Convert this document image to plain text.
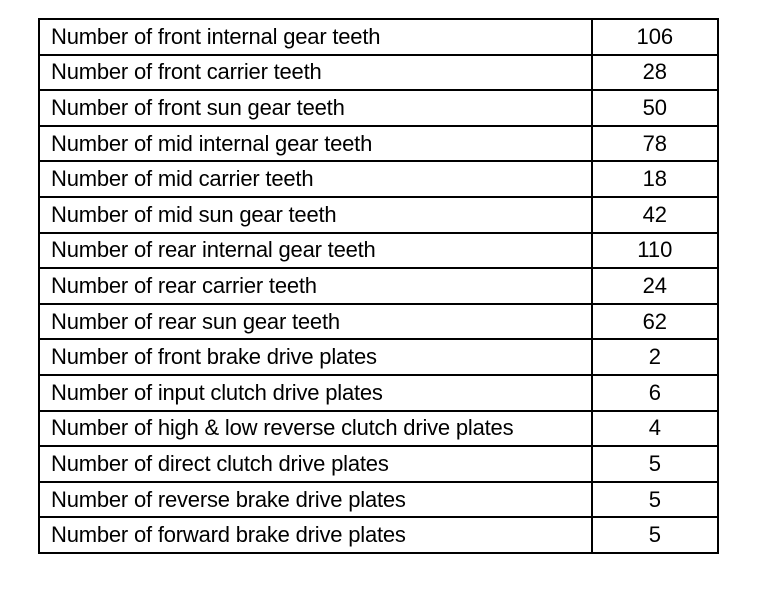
Number of front internal gear teeth	106
Number of front carrier teeth	28
Number of front sun gear teeth	50
Number of mid internal gear teeth	78
Number of mid carrier teeth	18
Number of mid sun gear teeth	42
Number of rear internal gear teeth	110
Number of rear carrier teeth	24
Number of rear sun gear teeth	62
Number of front brake drive plates	2
Number of input clutch drive plates	6
Number of high & low reverse clutch drive plates	4
Number of direct clutch drive plates	5
Number of reverse brake drive plates	5
Number of forward brake drive plates	5
